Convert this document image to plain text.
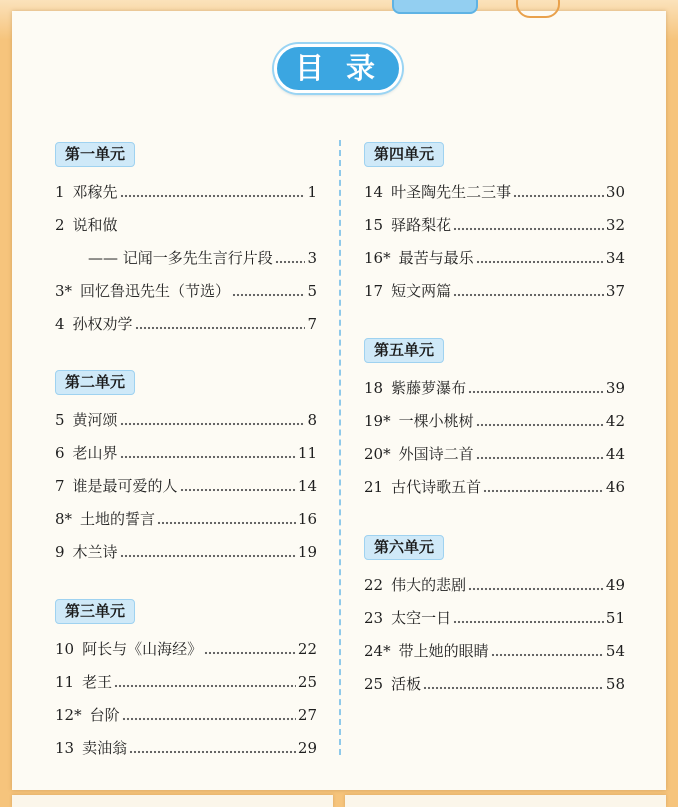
目 录
第一单元
1 邓稼先	1
2 说和做
—— 记闻一多先生言行片段 3
3* 回忆鲁迅先生（节选）	5
4 孙权劝学	7
第二单元
5 黄河颂	8
6 老山界	11
7 谁是最可爱的人	14
8* 土地的誓言	16
9 木兰诗	19
第三单元
10 阿长与《山海经》	22
11 老王	25
12* 台阶	27
13 卖油翁	29
第四单元
14 叶圣陶先生二三事	30
15 驿路梨花	32
16* 最苦与最乐	34
17 短文两篇	37
第五单元
18 紫藤萝瀑布	39
19* 一棵小桃树	42
20* 外国诗二首	44
21 古代诗歌五首	46
第六单元
22 伟大的悲剧	49
23 太空一日	51
24* 带上她的眼睛	54
25 活板	58
